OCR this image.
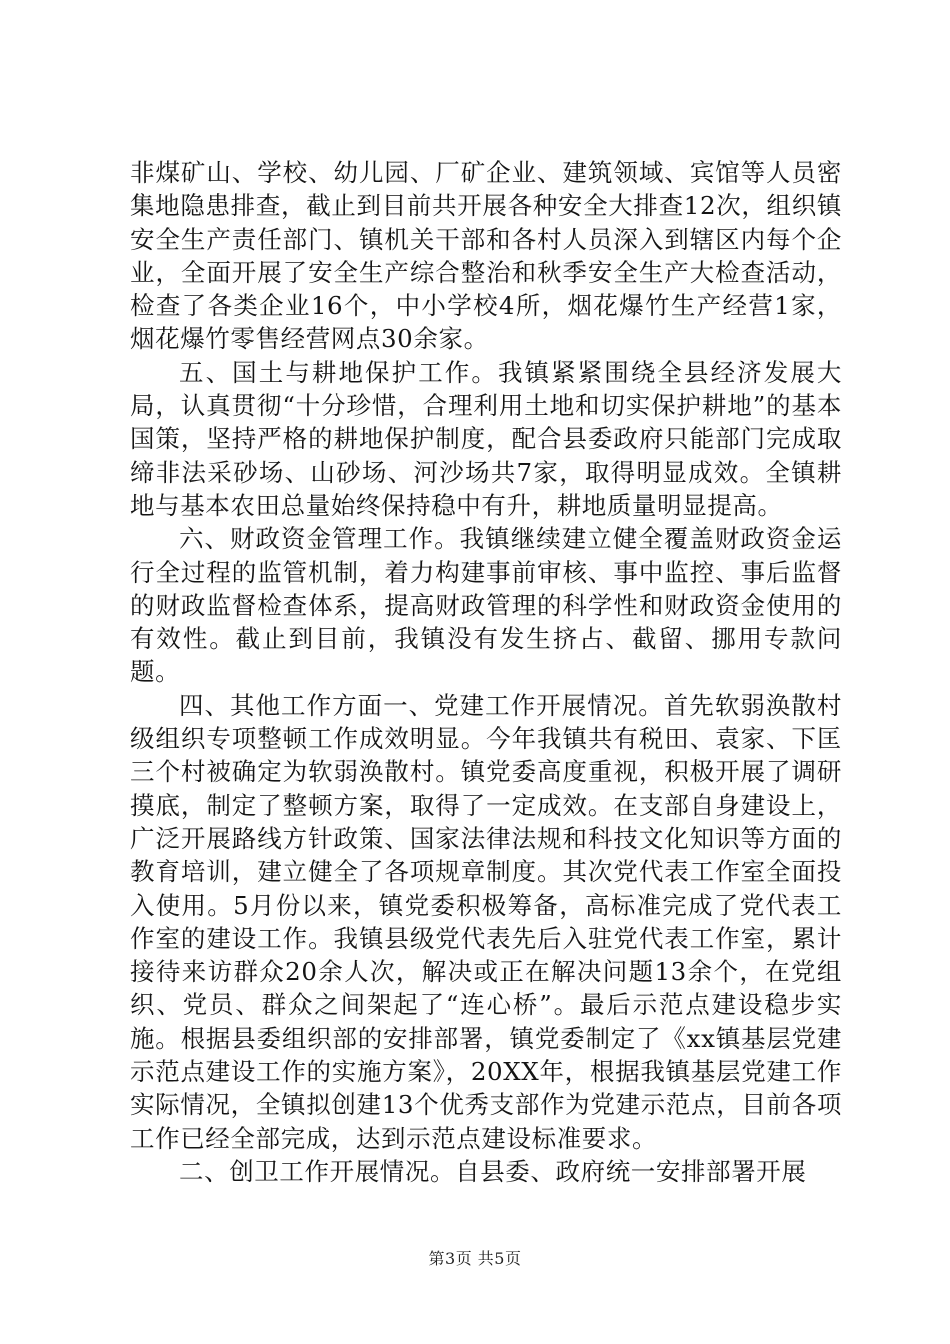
非煤矿山、学校、幼儿园、厂矿企业、建筑领域、宾馆等人员密集地隐患排查，截止到目前共开展各种安全大排查12次，组织镇安全生产责任部门、镇机关干部和各村人员深入到辖区内每个企业，全面开展了安全生产综合整治和秋季安全生产大检查活动，检查了各类企业16个，中小学校4所，烟花爆竹生产经营1家，烟花爆竹零售经营网点30余家。

五、国土与耕地保护工作。我镇紧紧围绕全县经济发展大局，认真贯彻“十分珍惜，合理利用土地和切实保护耕地”的基本国策，坚持严格的耕地保护制度，配合县委政府只能部门完成取缔非法采砂场、山砂场、河沙场共7家，取得明显成效。全镇耕地与基本农田总量始终保持稳中有升，耕地质量明显提高。

六、财政资金管理工作。我镇继续建立健全覆盖财政资金运行全过程的监管机制，着力构建事前审核、事中监控、事后监督的财政监督检查体系，提高财政管理的科学性和财政资金使用的有效性。截止到目前，我镇没有发生挤占、截留、挪用专款问题。

四、其他工作方面一、党建工作开展情况。首先软弱涣散村级组织专项整顿工作成效明显。今年我镇共有税田、袁家、下匡三个村被确定为软弱涣散村。镇党委高度重视，积极开展了调研摸底，制定了整顿方案，取得了一定成效。在支部自身建设上，广泛开展路线方针政策、国家法律法规和科技文化知识等方面的教育培训，建立健全了各项规章制度。其次党代表工作室全面投入使用。5月份以来，镇党委积极筹备，高标准完成了党代表工作室的建设工作。我镇县级党代表先后入驻党代表工作室，累计接待来访群众20余人次，解决或正在解决问题13余个，在党组织、党员、群众之间架起了“连心桥”。最后示范点建设稳步实施。根据县委组织部的安排部署，镇党委制定了《xx镇基层党建示范点建设工作的实施方案》，20XX年，根据我镇基层党建工作实际情况，全镇拟创建13个优秀支部作为党建示范点，目前各项工作已经全部完成，达到示范点建设标准要求。

二、创卫工作开展情况。自县委、政府统一安排部署开展

第3页 共5页
